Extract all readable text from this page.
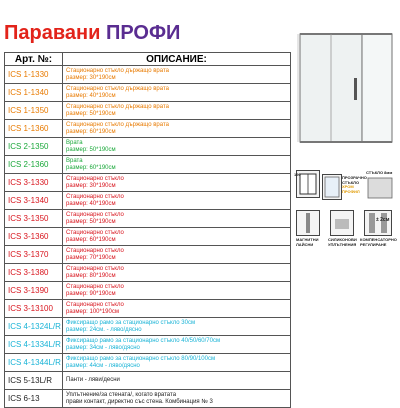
Паравани ПРОФИ
Арт. №:	ОПИСАНИЕ:
ICS 1-1330	Стационарно стъкло държащо врата
размер: 30*190см

ICS 1-1340	Стационарно стъкло държащо врата
размер: 40*190см

ICS 1-1350	Стационарно стъкло държащо врата
размер: 50*190см

ICS 1-1360	Стационарно стъкло държащо врата
размер: 60*190см

ICS 2-1350	Врата
размер: 50*190см

ICS 2-1360	Врата
размер: 60*190см

ICS 3-1330	Стационарно стъкло
размер: 30*190см

ICS 3-1340	Стационарно стъкло
размер: 40*190см

ICS 3-1350	Стационарно стъкло
размер: 50*190см

ICS 3-1360	Стационарно стъкло
размер: 60*190см

ICS 3-1370	Стационарно стъкло
размер: 70*190см

ICS 3-1380	Стационарно стъкло
размер: 80*190см

ICS 3-1390	Стационарно стъкло
размер: 90*190см

ICS 3-13100	Стационарно стъкло
размер: 100*190см

ICS 4-1324L/R	Фиксиращо рамо за стационарно стъкло 30см
размер: 24см. - ляво/дясно

ICS 4-1334L/R	Фиксиращо рамо за стационарно стъкло 40/50/60/70см
размер: 34см - ляво/дясно

ICS 4-1344L/R	Фиксиращо рамо за стационарно стъкло 80/90/100см
размер: 44см - ляво/дясно

ICS 5-13L/R	Панти - ляви/десни

ICS 6-13	Уплътнение/за стената/, когато вратата
прави контакт, директно със стена. Комбинация № 3
190
ПРОЗРАЧНО
СТЪКЛО
ХРОМ
ПРОФИЛ
СТЪКЛО 8мм
МАГНИТНИ
ЛАЙСНИ
СИЛИКОНОВИ
УПЛЪТНЕНИЯ
± 2см
КОМПЕНСАТОРНО
РЕГУЛИРАНЕ
